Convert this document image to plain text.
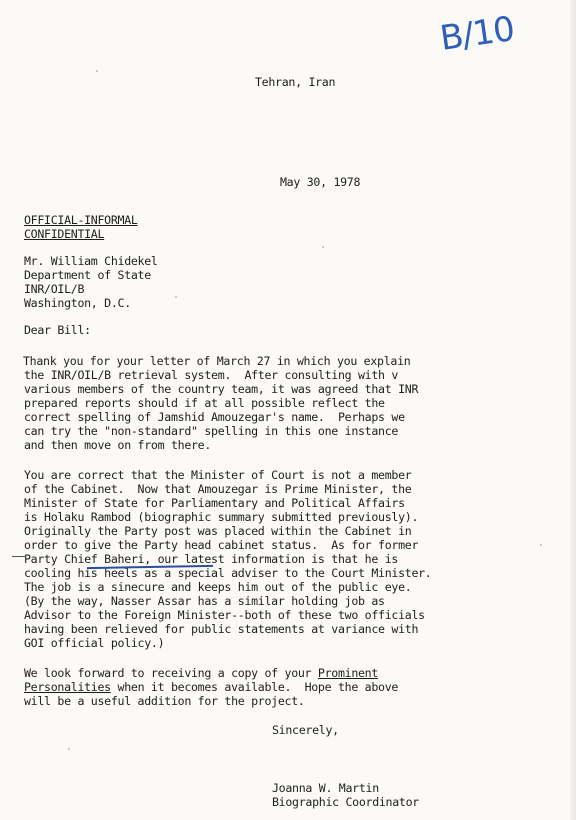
B/10
Tehran, Iran
May 30, 1978
OFFICIAL-INFORMAL
CONFIDENTIAL
Mr. William Chidekel
Department of State
INR/OIL/B
Washington, D.C.
Dear Bill:
Thank you for your letter of March 27 in which you explain
the INR/OIL/B retrieval system.  After consulting with v
various members of the country team, it was agreed that INR
prepared reports should if at all possible reflect the
correct spelling of Jamshid Amouzegar's name.  Perhaps we
can try the "non-standard" spelling in this one instance
and then move on from there.
You are correct that the Minister of Court is not a member
of the Cabinet.  Now that Amouzegar is Prime Minister, the
Minister of State for Parliamentary and Political Affairs
is Holaku Rambod (biographic summary submitted previously).
Originally the Party post was placed within the Cabinet in
order to give the Party head cabinet status.  As for former
Party Chief Baheri, our latest information is that he is
cooling his heels as a special adviser to the Court Minister.
The job is a sinecure and keeps him out of the public eye.
(By the way, Nasser Assar has a similar holding job as
Advisor to the Foreign Minister--both of these two officials
having been relieved for public statements at variance with
GOI official policy.)
We look forward to receiving a copy of your Prominent
Personalities when it becomes available.  Hope the above
will be a useful addition for the project.
Sincerely,
Joanna W. Martin
Biographic Coordinator
